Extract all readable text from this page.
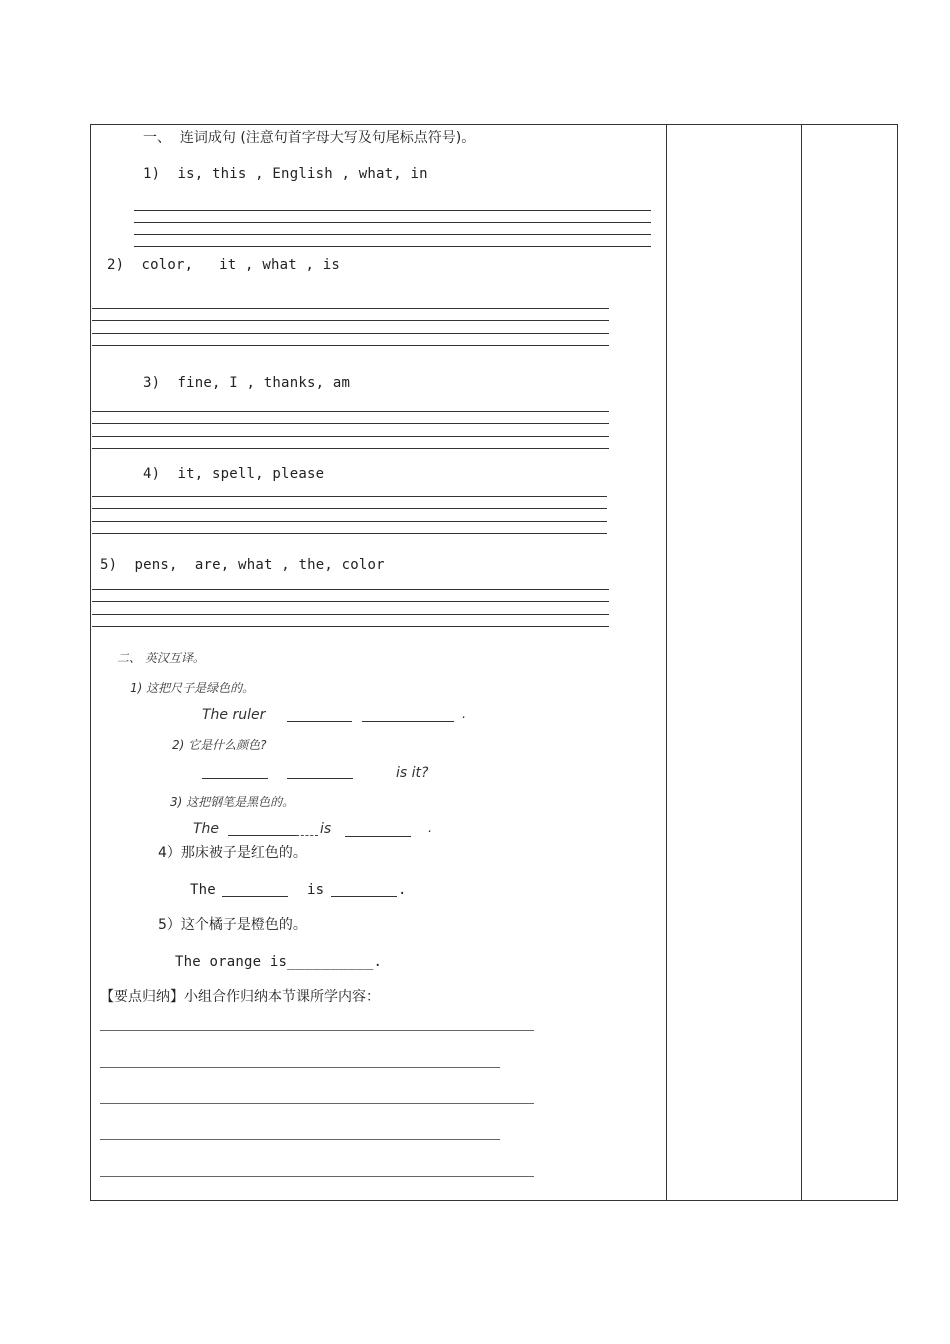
一、  连词成句 (注意句首字母大写及句尾标点符号)。
1)  is, this , English , what, in
2)  color,   it , what , is
3)  fine, I , thanks, am
4)  it, spell, please
5)  pens,  are, what , the, color
二、 英汉互译。
1) 这把尺子是绿色的。
The ruler	.
2) 它是什么颜色?
is it?
3) 这把钢笔是黑色的。
The	is	.
4）那床被子是红色的。
The	is	.
5）这个橘子是橙色的。
The orange is__________.
【要点归纳】小组合作归纳本节课所学内容：
